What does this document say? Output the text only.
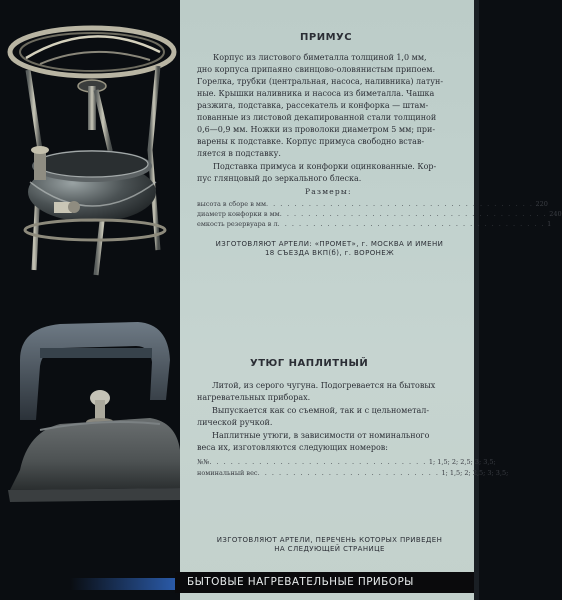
ПРИМУС
Корпус из листового биметалла толщиной 1,0 мм,
дно корпуса припаяно свинцово-оловянистым припоем.
Горелка, трубки (центральная, насоса, наливника) латун-
ные. Крышки наливника и насоса из биметалла. Чашка
разжига, подставка, рассекатель и конфорка — штам-
пованные из листовой декапированной стали толщиной
0,6—0,9 мм. Ножки из проволоки диаметром 5 мм; при-
варены к подставке. Корпус примуса свободно встав-
ляется в подставку.
Подставка примуса и конфорки оцинкованные. Кор-
пус глянцовый до зеркального блеска.
Размеры:
высота в сборе в мм . . . . . . . . . . . . . . . . . . . . . . . . . . . . . . . . . . . . . . 220
диаметр конфорки в мм . . . . . . . . . . . . . . . . . . . . . . . . . . . . . . . . . . . . . . 240
емкость резервуара в л . . . . . . . . . . . . . . . . . . . . . . . . . . . . . . . . . . . . . . 1
ИЗГОТОВЛЯЮТ АРТЕЛИ: «ПРОМЕТ», г. МОСКВА И ИМЕНИ
18 СЪЕЗДА ВКП(б), г. ВОРОНЕЖ
УТЮГ НАПЛИТНЫЙ
Литой, из серого чугуна. Подогревается на бытовых
нагревательных приборах.
Выпускается как со съемной, так и с цельнометал-
лической ручкой.
Наплитные утюги, в зависимости от номинального
веса их, изготовляются следующих номеров:
№№ . . . . . . . . . . . . . . . . . . . . . . . . . . . . . . . 1; 1,5; 2; 2,5; 3; 3,5;
номинальный вес . . . . . . . . . . . . . . . . . . . . . . . . . . 1; 1,5; 2; 2,5; 3; 3,5;
ИЗГОТОВЛЯЮТ АРТЕЛИ, ПЕРЕЧЕНЬ КОТОРЫХ ПРИВЕДЕН
НА СЛЕДУЮЩЕЙ СТРАНИЦЕ
БЫТОВЫЕ НАГРЕВАТЕЛЬНЫЕ ПРИБОРЫ
